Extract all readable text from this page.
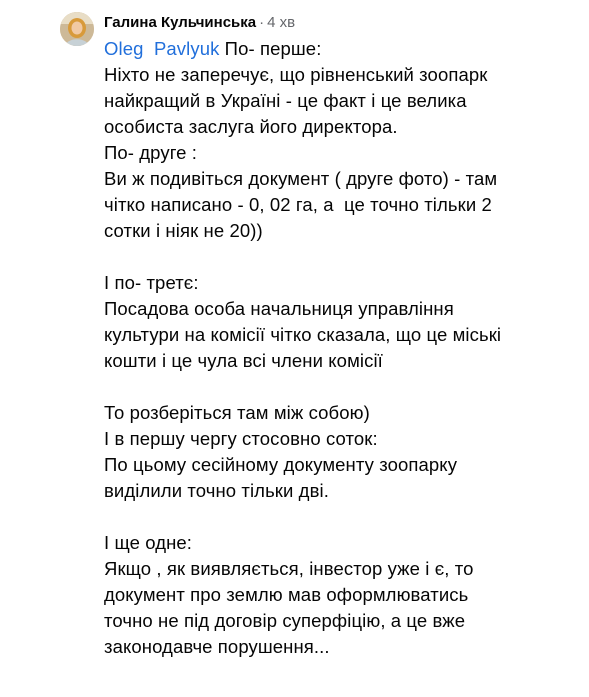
Галина Кульчинська · 4 хв
Oleg  Pavlyuk По- перше:
Ніхто не заперечує, що рівненський зоопарк
найкращий в Україні - це факт і це велика
особиста заслуга його директора.
По- друге :
Ви ж подивіться документ ( друге фото) - там
чітко написано - 0, 02 га, а  це точно тільки 2
сотки і ніяк не 20))
І по- третє:
Посадова особа начальниця управління
культури на комісії чітко сказала, що це міські
кошти і це чула всі члени комісії
То розберіться там між собою)
І в першу чергу стосовно соток:
По цьому сесійному документу зоопарку
виділили точно тільки дві.
І ще одне:
Якщо , як виявляється, інвестор уже і є, то
документ про землю мав оформлюватись
точно не під договір суперфіцію, а це вже
законодавче порушення...
